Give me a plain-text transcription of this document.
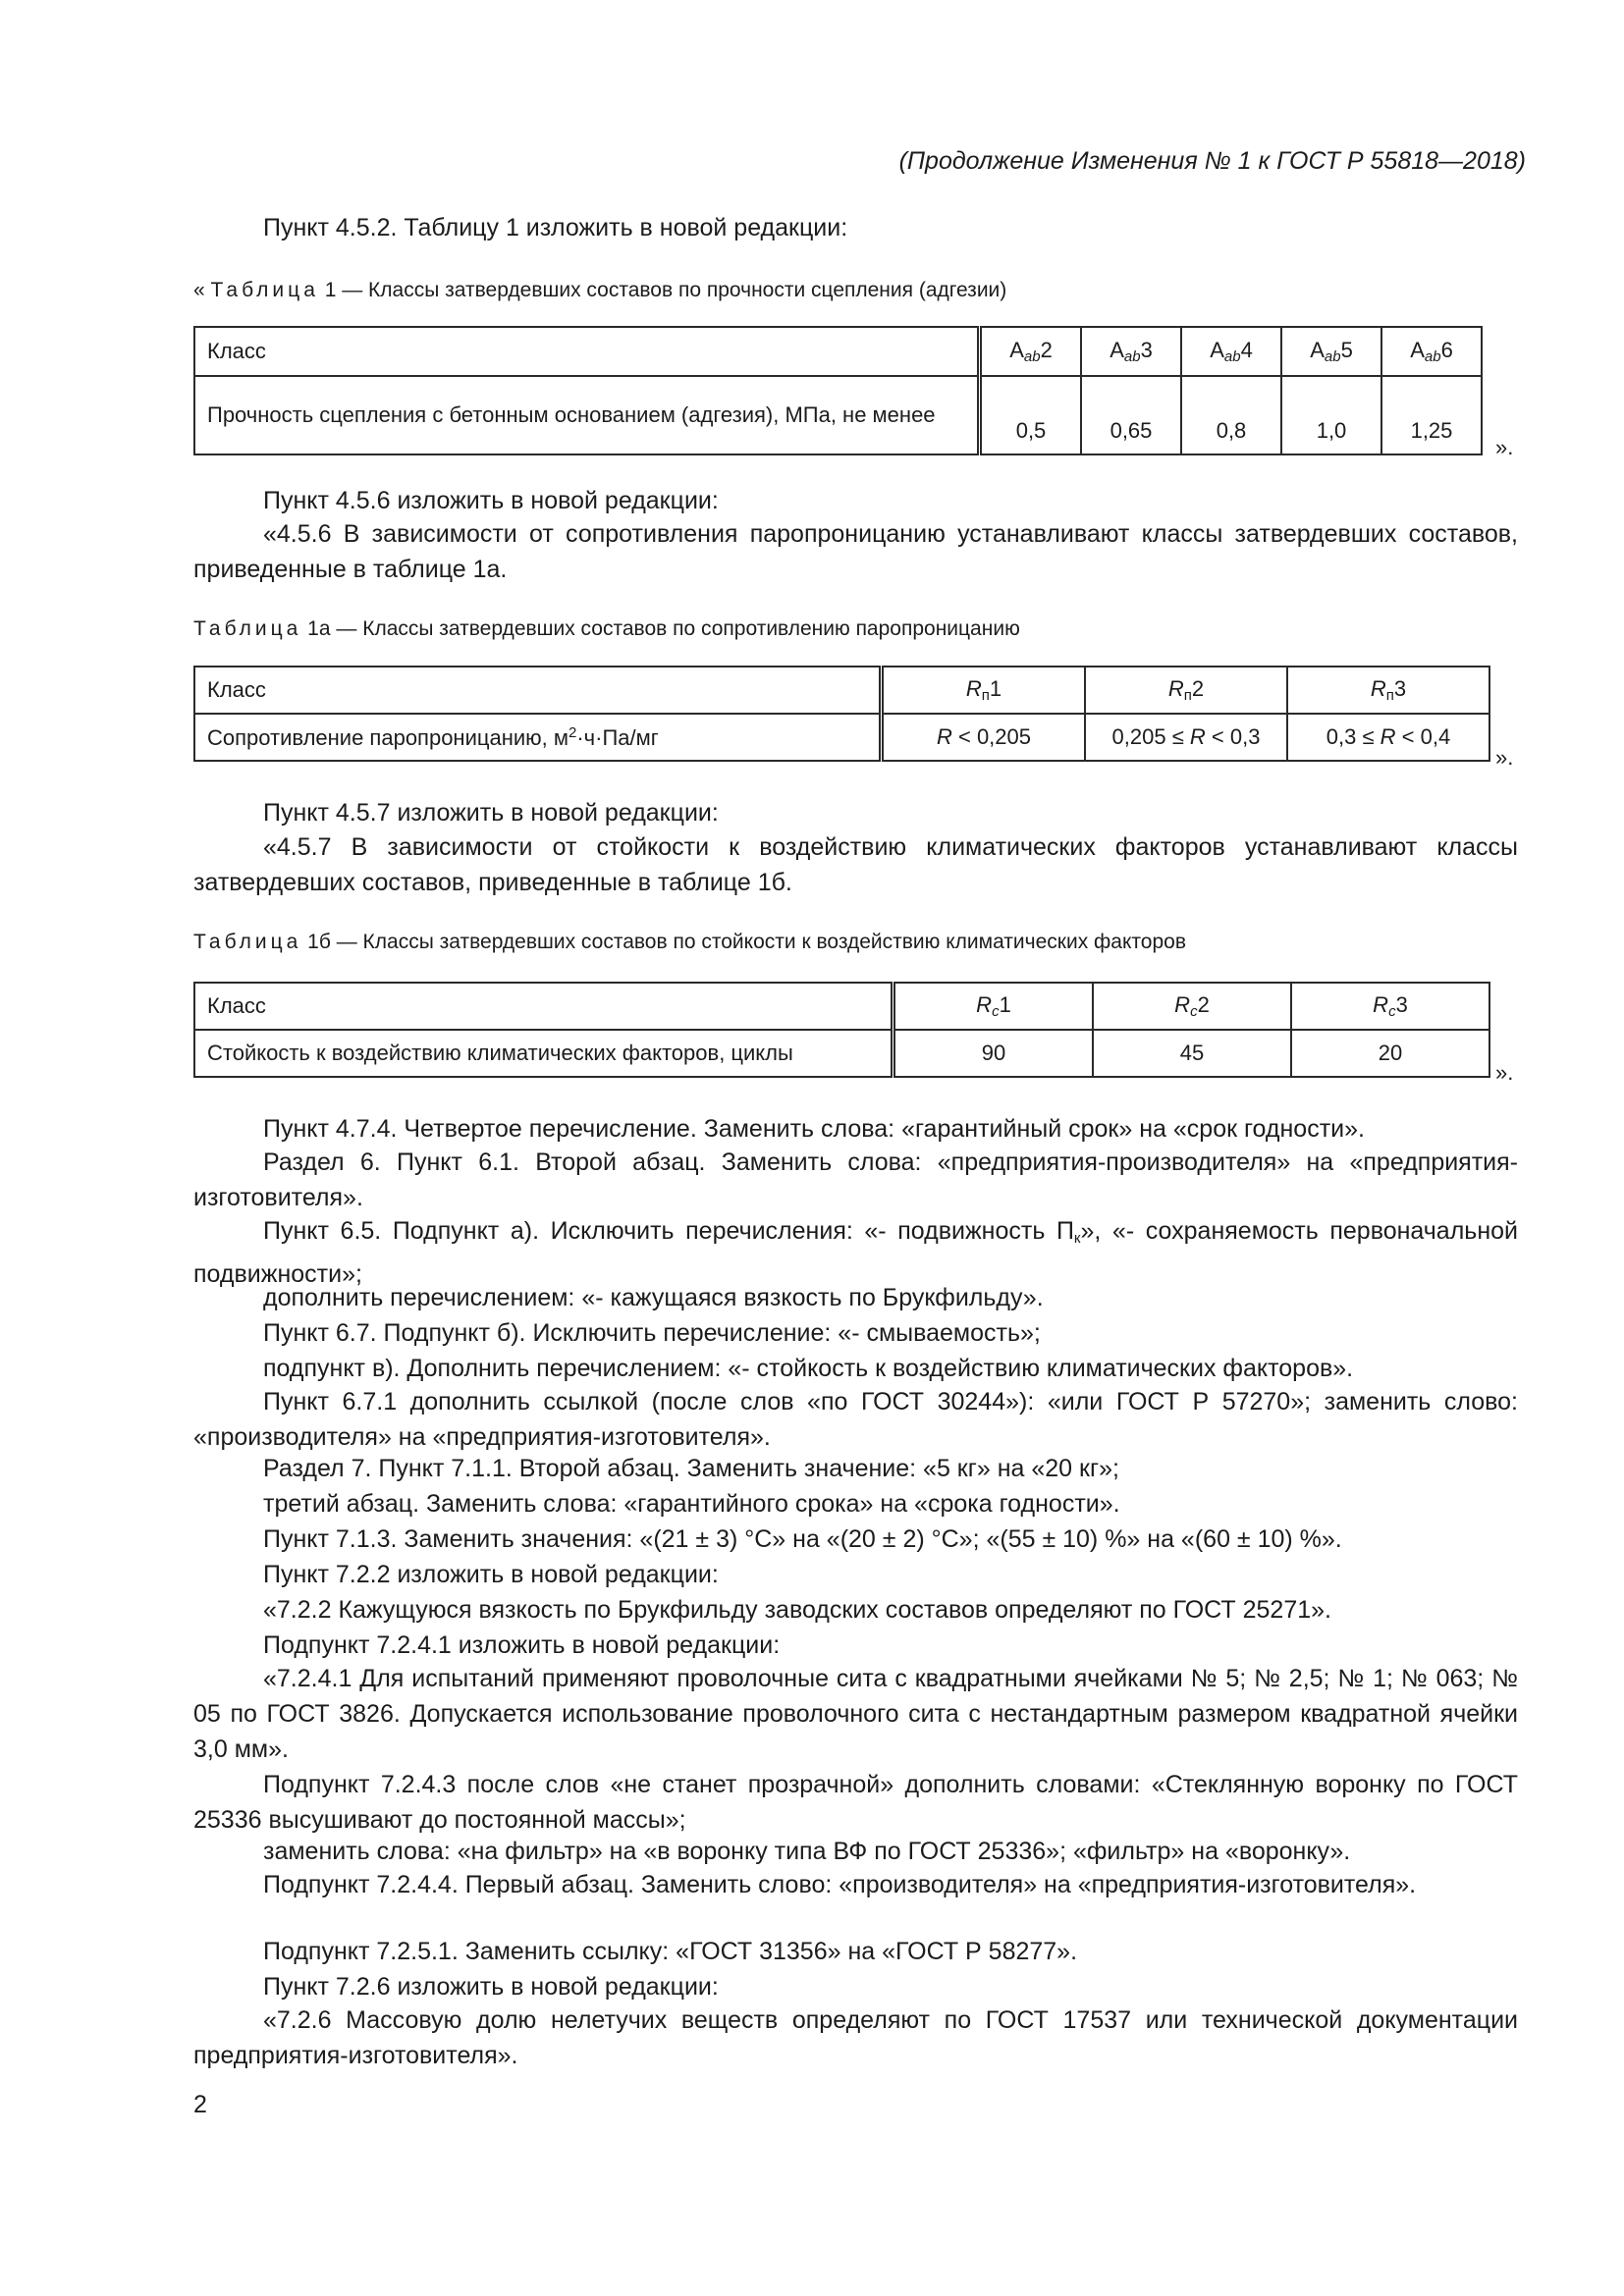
(Продолжение Изменения № 1 к ГОСТ Р 55818—2018)
Пункт 4.5.2. Таблицу 1 изложить в новой редакции:
« Таблица 1 — Классы затвердевших составов по прочности сцепления (адгезии)
Класс	$A_{ab}2$	$A_{ab}3$	$A_{ab}4$	$A_{ab}5$	$A_{ab}6$
Прочность сцепления с бетонным основанием (адгезия), МПа, не менее	0,5	0,65	0,8	1,0	1,25
».
Пункт 4.5.6 изложить в новой редакции:
«4.5.6 В зависимости от сопротивления паропроницанию устанавливают классы затвердевших составов, приведенные в таблице 1а.
Таблица 1а — Классы затвердевших составов по сопротивлению паропроницанию
Класс	$R_п1$	$R_п2$	$R_п3$
Сопротивление паропроницанию, $м^2\cdot ч\cdot Па/мг$	R < 0,205	0,205 ≤ R < 0,3	0,3 ≤ R < 0,4
».
Пункт 4.5.7 изложить в новой редакции:
«4.5.7 В зависимости от стойкости к воздействию климатических факторов устанавливают классы затвердевших составов, приведенные в таблице 1б.
Таблица 1б — Классы затвердевших составов по стойкости к воздействию климатических факторов
Класс	$R_c1$	$R_c2$	$R_c3$
Стойкость к воздействию климатических факторов, циклы	90	45	20
».
Пункт 4.7.4. Четвертое перечисление. Заменить слова: «гарантийный срок» на «срок годности».
Раздел 6. Пункт 6.1. Второй абзац. Заменить слова: «предприятия-производителя» на «предприятия-изготовителя».
Пункт 6.5. Подпункт а). Исключить перечисления: «- подвижность $П_к$», «- сохраняемость первоначальной подвижности»;
дополнить перечислением: «- кажущаяся вязкость по Брукфильду».
Пункт 6.7. Подпункт б). Исключить перечисление: «- смываемость»;
подпункт в). Дополнить перечислением: «- стойкость к воздействию климатических факторов».
Пункт 6.7.1 дополнить ссылкой (после слов «по ГОСТ 30244»): «или ГОСТ Р 57270»; заменить слово: «производителя» на «предприятия-изготовителя».
Раздел 7. Пункт 7.1.1. Второй абзац. Заменить значение: «5 кг» на «20 кг»;
третий абзац. Заменить слова: «гарантийного срока» на «срока годности».
Пункт 7.1.3. Заменить значения: «(21 ± 3) °С» на «(20 ± 2) °С»; «(55 ± 10) %» на «(60 ± 10) %».
Пункт 7.2.2 изложить в новой редакции:
«7.2.2 Кажущуюся вязкость по Брукфильду заводских составов определяют по ГОСТ 25271».
Подпункт 7.2.4.1 изложить в новой редакции:
«7.2.4.1 Для испытаний применяют проволочные сита с квадратными ячейками № 5; № 2,5; № 1; № 063; № 05 по ГОСТ 3826. Допускается использование проволочного сита с нестандартным размером квадратной ячейки 3,0 мм».
Подпункт 7.2.4.3 после слов «не станет прозрачной» дополнить словами: «Стеклянную воронку по ГОСТ 25336 высушивают до постоянной массы»;
заменить слова: «на фильтр» на «в воронку типа ВФ по ГОСТ 25336»; «фильтр» на «воронку».
Подпункт 7.2.4.4. Первый абзац. Заменить слово: «производителя» на «предприятия-изготовителя».
Подпункт 7.2.5.1. Заменить ссылку: «ГОСТ 31356» на «ГОСТ Р 58277».
Пункт 7.2.6 изложить в новой редакции:
«7.2.6 Массовую долю нелетучих веществ определяют по ГОСТ 17537 или технической документации предприятия-изготовителя».
2
